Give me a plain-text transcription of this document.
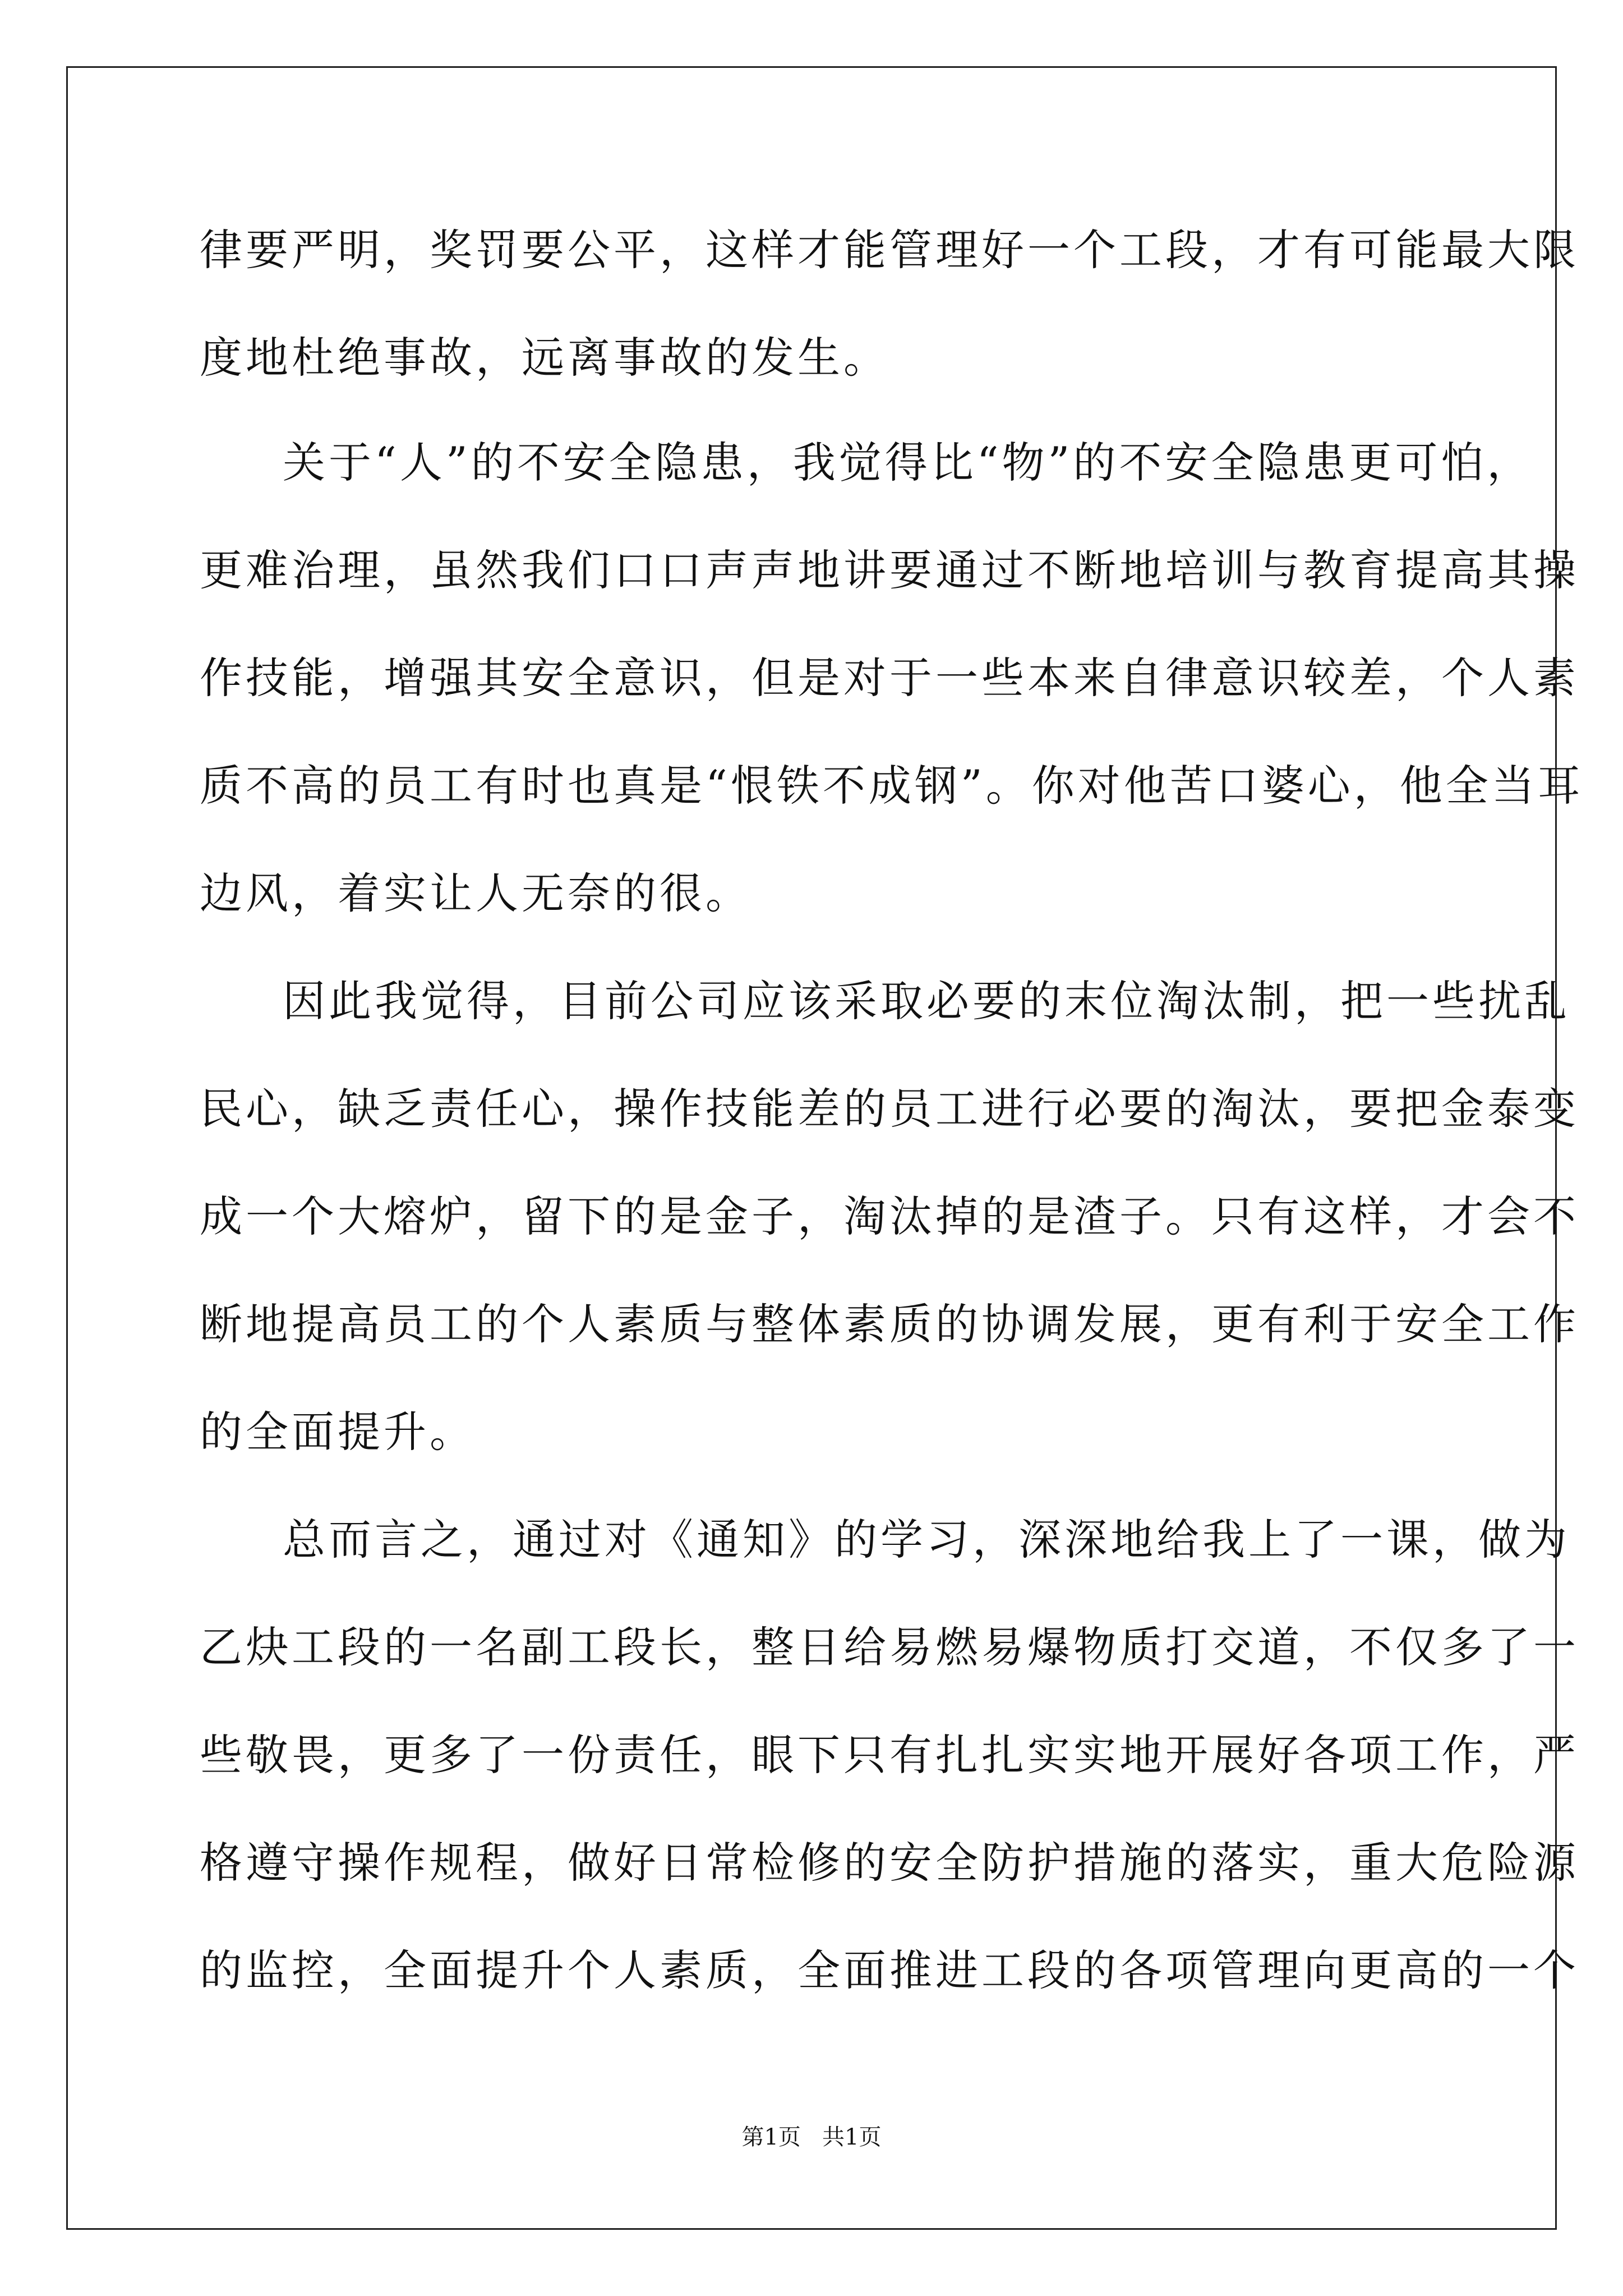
律要严明，奖罚要公平，这样才能管理好一个工段，才有可能最大限
度地杜绝事故，远离事故的发生。
关于“人”的不安全隐患，我觉得比“物”的不安全隐患更可怕，
更难治理，虽然我们口口声声地讲要通过不断地培训与教育提高其操
作技能，增强其安全意识，但是对于一些本来自律意识较差，个人素
质不高的员工有时也真是“恨铁不成钢”。你对他苦口婆心，他全当耳
边风，着实让人无奈的很。
因此我觉得，目前公司应该采取必要的末位淘汰制，把一些扰乱
民心，缺乏责任心，操作技能差的员工进行必要的淘汰，要把金泰变
成一个大熔炉，留下的是金子，淘汰掉的是渣子。只有这样，才会不
断地提高员工的个人素质与整体素质的协调发展，更有利于安全工作
的全面提升。
总而言之，通过对《通知》的学习，深深地给我上了一课，做为
乙炔工段的一名副工段长，整日给易燃易爆物质打交道，不仅多了一
些敬畏，更多了一份责任，眼下只有扎扎实实地开展好各项工作，严
格遵守操作规程，做好日常检修的安全防护措施的落实，重大危险源
的监控，全面提升个人素质，全面推进工段的各项管理向更高的一个
第1页   共1页
